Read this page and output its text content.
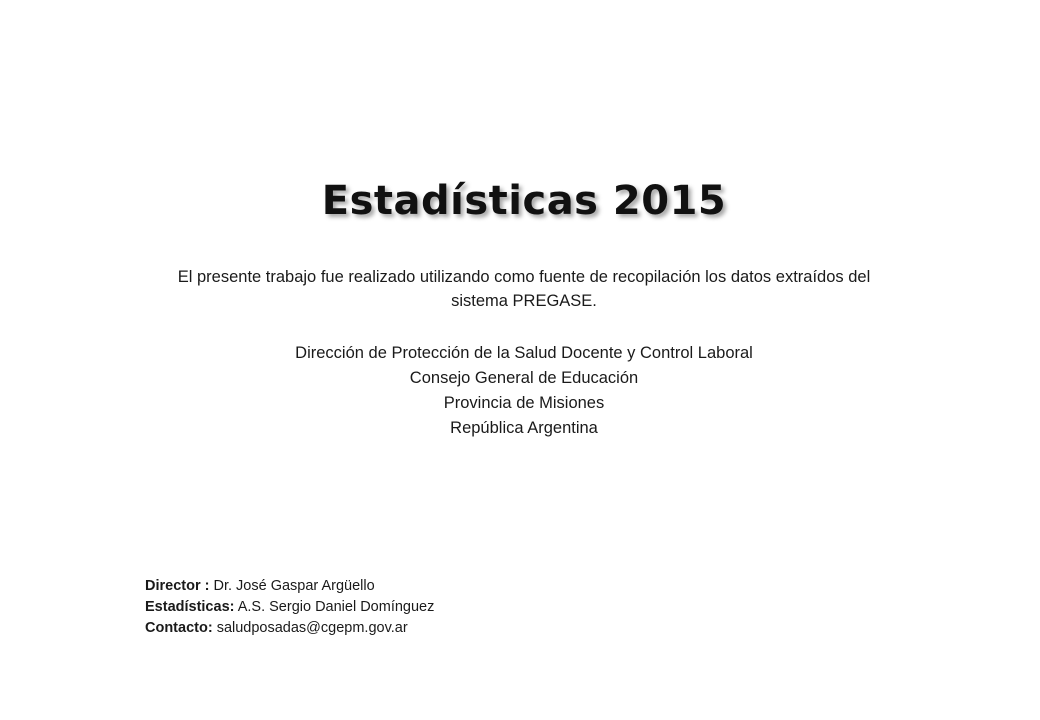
Estadísticas 2015

El presente trabajo fue realizado utilizando como fuente de recopilación los datos extraídos del sistema PREGASE.

Dirección de Protección de la Salud Docente y Control Laboral
Consejo General de Educación
Provincia de Misiones
República Argentina
Director : Dr. José Gaspar Argüello
Estadísticas: A.S. Sergio Daniel Domínguez
Contacto: saludposadas@cgepm.gov.ar
